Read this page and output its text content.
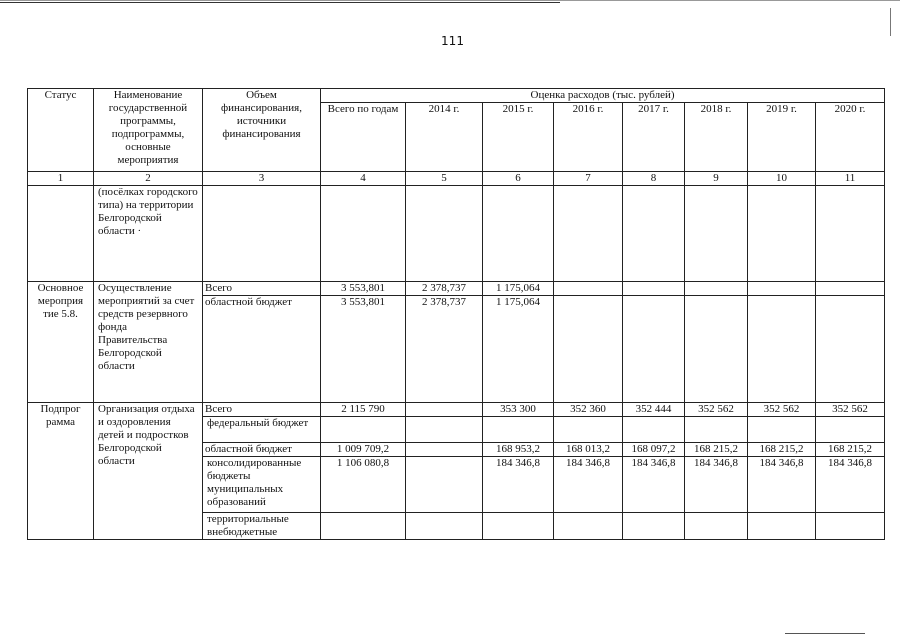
111
Статус	Наименование государственной программы, подпрограммы, основные мероприятия	Объем финансирования, источники финансирования	Оценка расходов (тыс. рублей)							
			Всего по годам	2014 г.	2015 г.	2016 г.	2017 г.	2018 г.	2019 г.	2020 г.
1	2	3	4	5	6	7	8	9	10	11
	(посёлках городского типа) на территории Белгородской области ·									
Основное мероприя тие 5.8.	Осуществление мероприятий за счет средств резервного фонда Правительства Белгородской области	Всего	3 553,801	2 378,737	1 175,064					
		областной бюджет	3 553,801	2 378,737	1 175,064					
Подпрог рамма	Организация отдыха и оздоровления детей и подростков Белгородской области	Всего	2 115 790		353 300	352 360	352 444	352 562	352 562	352 562
		федеральный бюджет								
		областной бюджет	1 009 709,2		168 953,2	168 013,2	168 097,2	168 215,2	168 215,2	168 215,2
		консолидированные бюджеты муниципальных образований	1 106 080,8		184 346,8	184 346,8	184 346,8	184 346,8	184 346,8	184 346,8
		территориальные внебюджетные								
